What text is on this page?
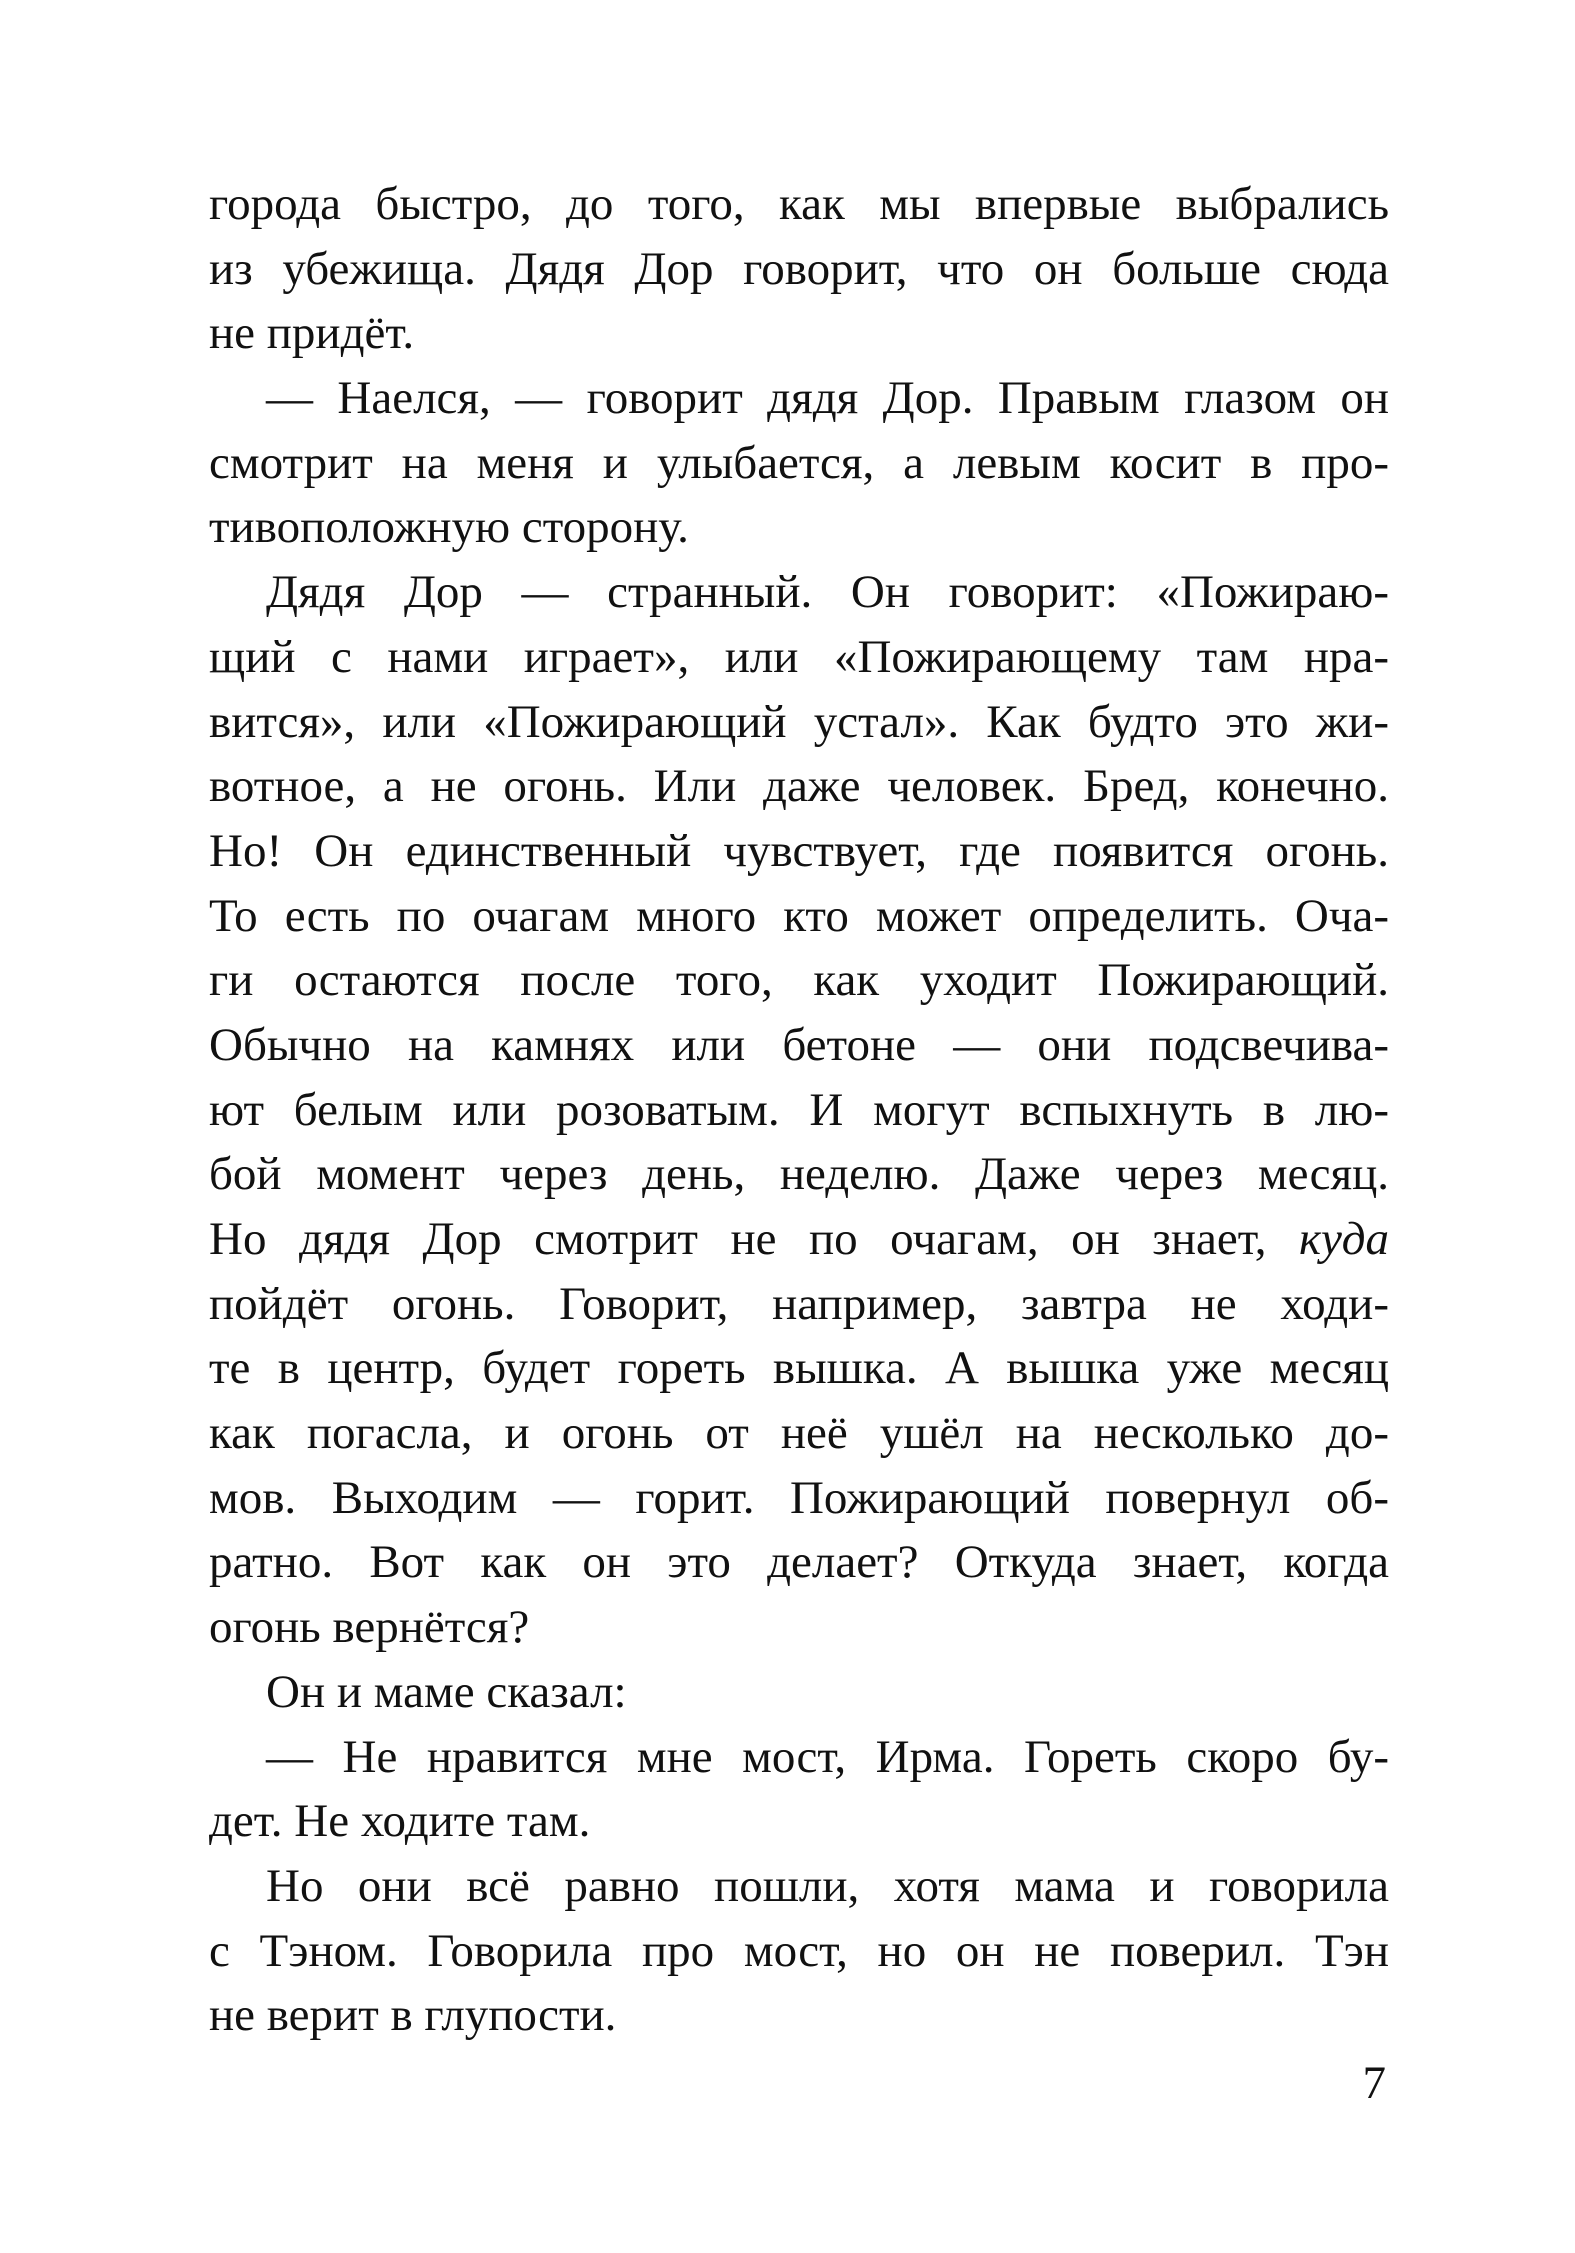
города быстро, до того, как мы впервые выбрались
из убежища. Дядя Дор говорит, что он больше сюда
не придёт.
— Наелся, — говорит дядя Дор. Правым глазом он
смотрит на меня и улыбается, а левым косит в про-
тивоположную сторону.
Дядя Дор — странный. Он говорит: «Пожираю-
щий с нами играет», или «Пожирающему там нра-
вится», или «Пожирающий устал». Как будто это жи-
вотное, а не огонь. Или даже человек. Бред, конечно.
Но! Он единственный чувствует, где появится огонь.
То есть по очагам много кто может определить. Оча-
ги остаются после того, как уходит Пожирающий.
Обычно на камнях или бетоне — они подсвечива-
ют белым или розоватым. И могут вспыхнуть в лю-
бой момент через день, неделю. Даже через месяц.
Но дядя Дор смотрит не по очагам, он знает, куда
пойдёт огонь. Говорит, например, завтра не ходи-
те в центр, будет гореть вышка. А вышка уже месяц
как погасла, и огонь от неё ушёл на несколько до-
мов. Выходим — горит. Пожирающий повернул об-
ратно. Вот как он это делает? Откуда знает, когда
огонь вернётся?
Он и маме сказал:
— Не нравится мне мост, Ирма. Гореть скоро бу-
дет. Не ходите там.
Но они всё равно пошли, хотя мама и говорила
с Тэном. Говорила про мост, но он не поверил. Тэн
не верит в глупости.
7
